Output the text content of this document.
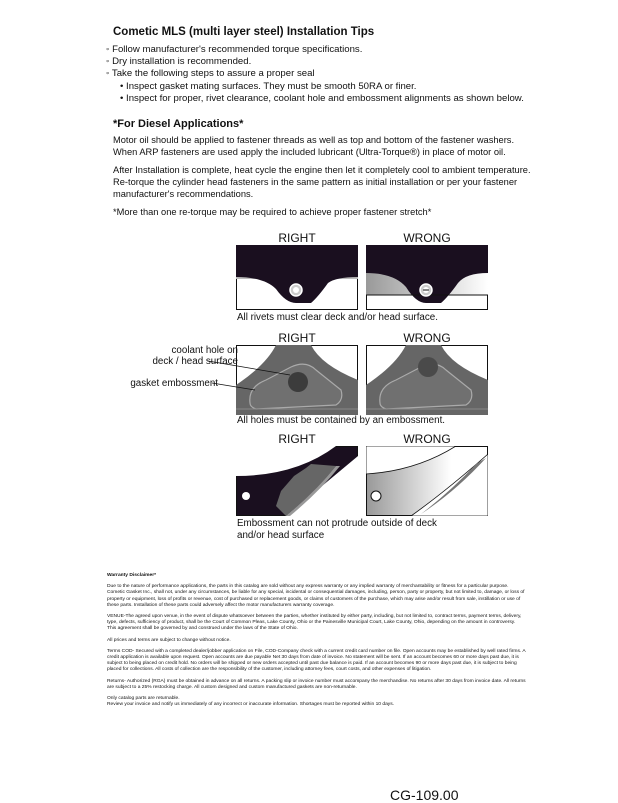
Cometic MLS (multi layer steel) Installation Tips
◦ Follow manufacturer's recommended torque specifications.
◦ Dry installation is recommended.
◦ Take the following steps to assure a proper seal
• Inspect gasket mating surfaces. They must be smooth 50RA or finer.
• Inspect for proper, rivet clearance, coolant hole and embossment alignments as shown below.
*For Diesel Applications*
Motor oil should be applied to fastener threads as well as top and bottom of the fastener washers. When ARP fasteners are used apply the included lubricant (Ultra-Torque®) in place of motor oil.
After Installation is complete, heat cycle the engine then let it completely cool to ambient temperature. Re-torque the cylinder head fasteners in the same pattern as initial installation or per your fastener manufacturer's recommendations.
*More than one re-torque may be required to achieve proper fastener stretch*
RIGHT	WRONG
RIGHT	WRONG
RIGHT	WRONG
All rivets must clear deck and/or head surface.
coolant hole on
deck / head surface
gasket embossment
All holes must be contained by an embossment.
Embossment can not protrude outside of deck
and/or head surface

Warranty Disclaimer*

Due to the nature of performance applications, the parts in this catalog are sold without any express warranty or any implied warranty of merchantability or fitness for a particular purpose. Cometic Gasket Inc., shall not, under any circumstances, be liable for any special, incidental or consequential damages, including, person, party or property, but not limited to, damage, or loss of property or equipment, loss of profits or revenue, cost of purchased or replacement goods, or claims of customers of the purchase, which may arise and/or result from sale, instillation or use of these parts. Installation of these parts could adversely affect the motor manufacturers warranty coverage.

VENUE-The agreed upon venue, in the event of dispute whatsoever between the parties, whether instituted by either party, including, but not limited to, contract terms, payment terms, delivery, type, defects, sufficiency of product, shall be the Court of Common Pleas, Lake County, Ohio or the Painesville Municipal Court, Lake County, Ohio, depending on the amount in controversy.
This agreement shall be governed by and construed under the laws of the State of Ohio.

All prices and terms are subject to change without notice.

Terms COD- Secured with a completed dealer/jobber application on File, COD-Company check with a current credit card number on file. Open accounts may be established by well rated firms. A credit application is available upon request. Open accounts are due payable Net 30 days from date of invoice. No statement will be sent. If an account becomes 60 or more days past due, it is subject to being placed on credit hold. No orders will be shipped or new orders accepted until past due balance is paid. If an account becomes 90 or more days past due, it is subject to being placed for collections. All costs of collection are the responsibility of the customer, including attorney fees, court costs, and other expenses of litigation.

Returns- Authorized (RGA) must be obtained in advance on all returns. A packing slip or invoice number must accompany the merchandise. No returns after 30 days from invoice date. All returns are subject to a 25% restocking charge. All custom designed and custom manufactured gaskets are non-returnable.

Only catalog parts are returnable.
Review your invoice and notify us immediately of any incorrect or inaccurate information. Shortages must be reported within 10 days.

CG-109.00
